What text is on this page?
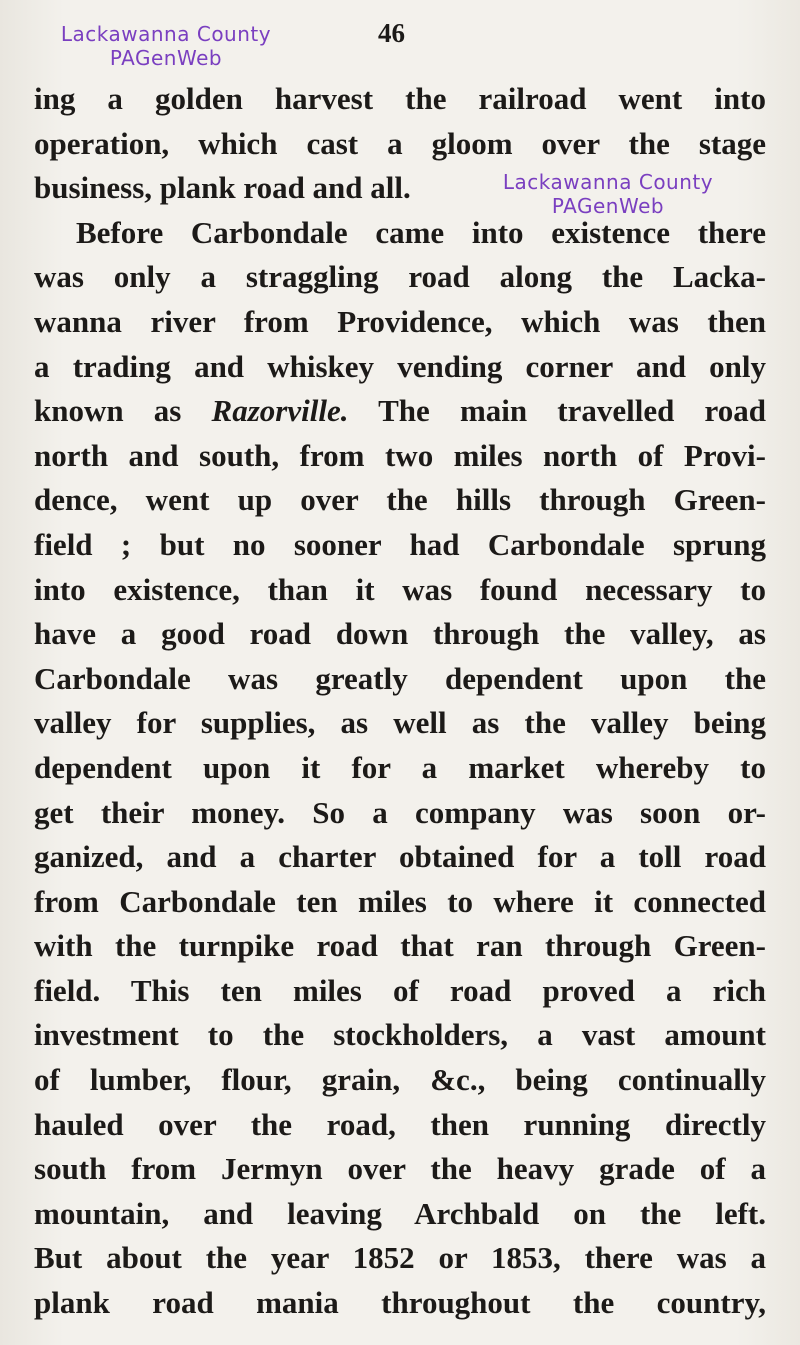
Lackawanna County
PAGenWeb
46
Lackawanna County
PAGenWeb
ing a golden harvest the railroad went into
operation, which cast a gloom over the stage
business, plank road and all.
Before Carbondale came into existence there
was only a straggling road along the Lacka-
wanna river from Providence, which was then
a trading and whiskey vending corner and only
known as Razorville. The main travelled road
north and south, from two miles north of Provi-
dence, went up over the hills through Green-
field ; but no sooner had Carbondale sprung
into existence, than it was found necessary to
have a good road down through the valley, as
Carbondale was greatly dependent upon the
valley for supplies, as well as the valley being
dependent upon it for a market whereby to
get their money. So a company was soon or-
ganized, and a charter obtained for a toll road
from Carbondale ten miles to where it connected
with the turnpike road that ran through Green-
field. This ten miles of road proved a rich
investment to the stockholders, a vast amount
of lumber, flour, grain, &c., being continually
hauled over the road, then running directly
south from Jermyn over the heavy grade of a
mountain, and leaving Archbald on the left.
But about the year 1852 or 1853, there was a
plank road mania throughout the country,
